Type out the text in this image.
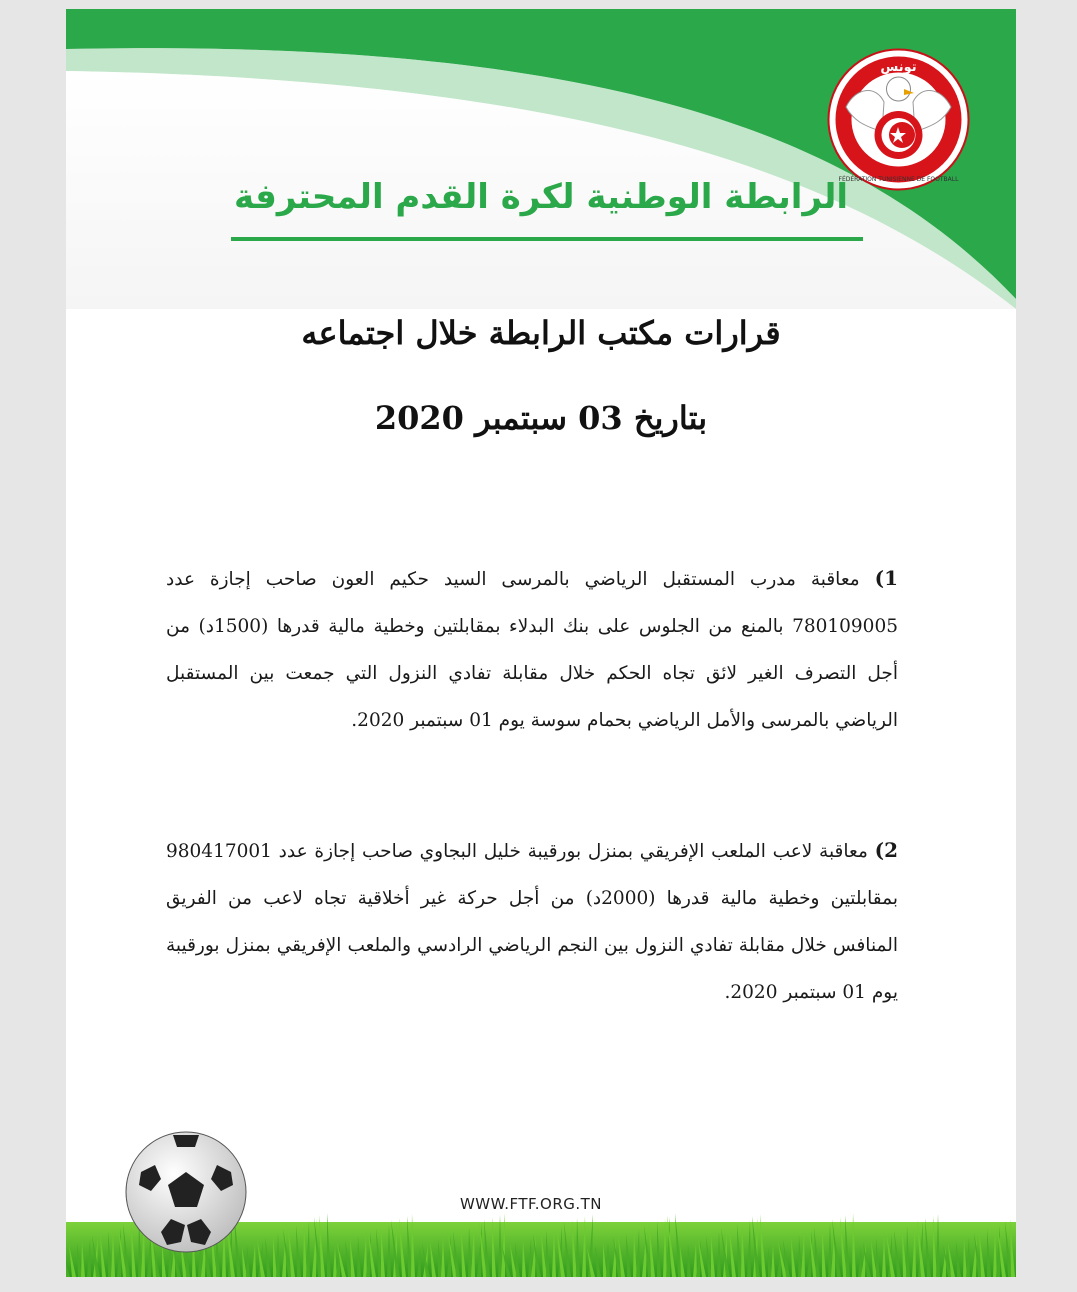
تونس
FÉDÉRATION TUNISIENNE DE FOOTBALL
الرابطة الوطنية لكرة القدم المحترفة
قرارات مكتب الرابطة خلال اجتماعه
بتاريخ 03 سبتمبر 2020
1) معاقبة مدرب المستقبل الرياضي بالمرسى السيد حكيم العون صاحب إجازة عدد 780109005 بالمنع من الجلوس على بنك البدلاء بمقابلتين وخطية مالية قدرها (1500د) من أجل التصرف الغير لائق تجاه الحكم خلال مقابلة تفادي النزول التي جمعت بين المستقبل الرياضي بالمرسى والأمل الرياضي بحمام سوسة يوم 01 سبتمبر 2020.
2) معاقبة لاعب الملعب الإفريقي بمنزل بورقيبة خليل البجاوي صاحب إجازة عدد 980417001 بمقابلتين وخطية مالية قدرها (2000د) من أجل حركة غير أخلاقية تجاه لاعب من الفريق المنافس خلال مقابلة تفادي النزول بين النجم الرياضي الرادسي والملعب الإفريقي بمنزل بورقيبة يوم 01 سبتمبر 2020.
WWW.FTF.ORG.TN
